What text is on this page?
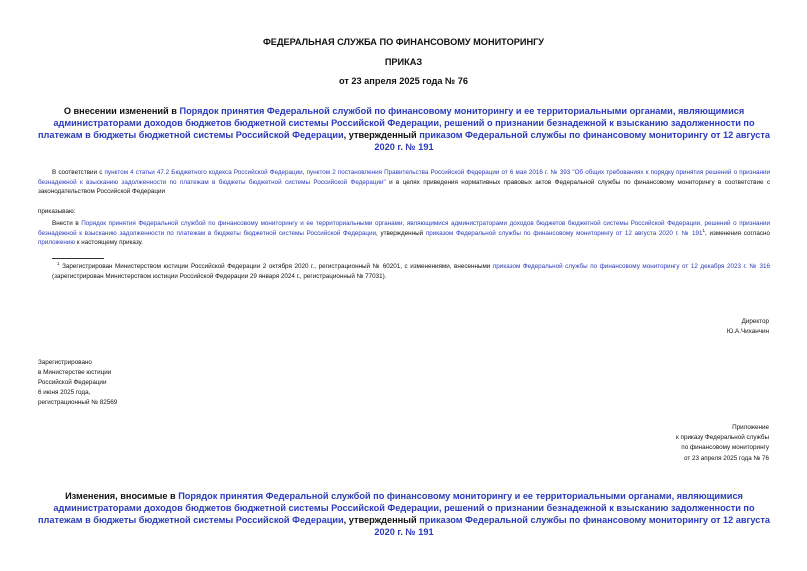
ФЕДЕРАЛЬНАЯ СЛУЖБА ПО ФИНАНСОВОМУ МОНИТОРИНГУ
ПРИКАЗ
от 23 апреля 2025 года № 76
О внесении изменений в Порядок принятия Федеральной службой по финансовому мониторингу и ее территориальными органами, являющимися администраторами доходов бюджетов бюджетной системы Российской Федерации, решений о признании безнадежной к взысканию задолженности по платежам в бюджеты бюджетной системы Российской Федерации, утвержденный приказом Федеральной службы по финансовому мониторингу от 12 августа 2020 г. № 191
В соответствии с пунктом 4 статьи 47.2 Бюджетного кодекса Российской Федерации, пунктом 2 постановления Правительства Российской Федерации от 6 мая 2016 г. № 393 "Об общих требованиях к порядку принятия решений о признании безнадежной к взысканию задолженности по платежам в бюджеты бюджетной системы Российской Федерации" и в целях приведения нормативных правовых актов Федеральной службы по финансовому мониторингу в соответствие с законодательством Российской Федерации
приказываю:
Внести в Порядок принятия Федеральной службой по финансовому мониторингу и ее территориальными органами, являющимися администраторами доходов бюджетов бюджетной системы Российской Федерации, решений о признании безнадежной к взысканию задолженности по платежам в бюджеты бюджетной системы Российской Федерации, утвержденный приказом Федеральной службы по финансовому мониторингу от 12 августа 2020 г. № $191^1$, изменения согласно приложению к настоящему приказу.
$^1$ Зарегистрирован Министерством юстиции Российской Федерации 2 октября 2020 г., регистрационный № 60201, с изменениями, внесенными приказом Федеральной службы по финансовому мониторингу от 12 декабря 2023 г. № 316 (зарегистрирован Министерством юстиции Российской Федерации 29 января 2024 г., регистрационный № 77031).
Директор
Ю.А.Чиханчин
Зарегистрировано
в Министерстве юстиции
Российской Федерации
6 июня 2025 года,
регистрационный № 82569
Приложение
к приказу Федеральной службы
по финансовому мониторингу
от 23 апреля 2025 года № 76
Изменения, вносимые в Порядок принятия Федеральной службой по финансовому мониторингу и ее территориальными органами, являющимися администраторами доходов бюджетов бюджетной системы Российской Федерации, решений о признании безнадежной к взысканию задолженности по платежам в бюджеты бюджетной системы Российской Федерации, утвержденный приказом Федеральной службы по финансовому мониторингу от 12 августа 2020 г. № 191
